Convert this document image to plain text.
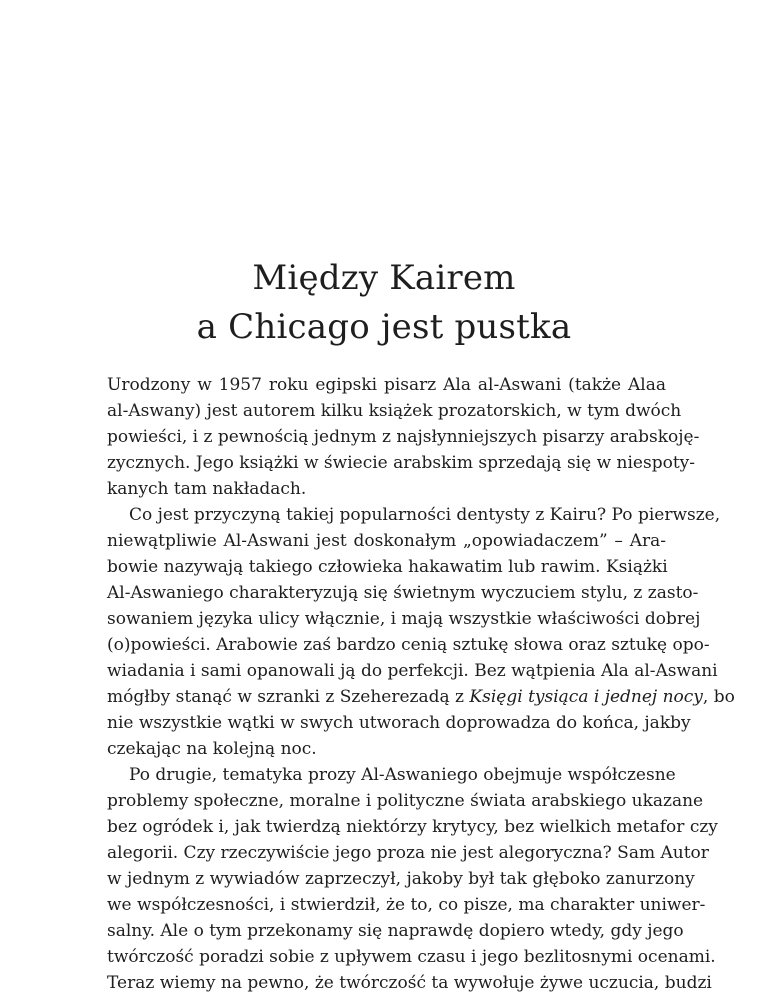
Między Kairem
a Chicago jest pustka
Urodzony w 1957 roku egipski pisarz Ala al-Aswani (także Alaa
al-Aswany) jest autorem kilku książek prozatorskich, w tym dwóch
powieści, i z pewnością jednym z najsłynniejszych pisarzy arabskoję-
zycznych. Jego książki w świecie arabskim sprzedają się w niespoty-
kanych tam nakładach.
Co jest przyczyną takiej popularności dentysty z Kairu? Po pierwsze,
niewątpliwie Al-Aswani jest doskonałym „opowiadaczem” – Ara-
bowie nazywają takiego człowieka hakawatim lub rawim. Książki
Al-Aswaniego charakteryzują się świetnym wyczuciem stylu, z zasto-
sowaniem języka ulicy włącznie, i mają wszystkie właściwości dobrej
(o)powieści. Arabowie zaś bardzo cenią sztukę słowa oraz sztukę opo-
wiadania i sami opanowali ją do perfekcji. Bez wątpienia Ala al-Aswani
mógłby stanąć w szranki z Szeherezadą z Księgi tysiąca i jednej nocy, bo
nie wszystkie wątki w swych utworach doprowadza do końca, jakby
czekając na kolejną noc.
Po drugie, tematyka prozy Al-Aswaniego obejmuje współczesne
problemy społeczne, moralne i polityczne świata arabskiego ukazane
bez ogródek i, jak twierdzą niektórzy krytycy, bez wielkich metafor czy
alegorii. Czy rzeczywiście jego proza nie jest alegoryczna? Sam Autor
w jednym z wywiadów zaprzeczył, jakoby był tak głęboko zanurzony
we współczesności, i stwierdził, że to, co pisze, ma charakter uniwer-
salny. Ale o tym przekonamy się naprawdę dopiero wtedy, gdy jego
twórczość poradzi sobie z upływem czasu i jego bezlitosnymi ocenami.
Teraz wiemy na pewno, że twórczość ta wywołuje żywe uczucia, budzi
